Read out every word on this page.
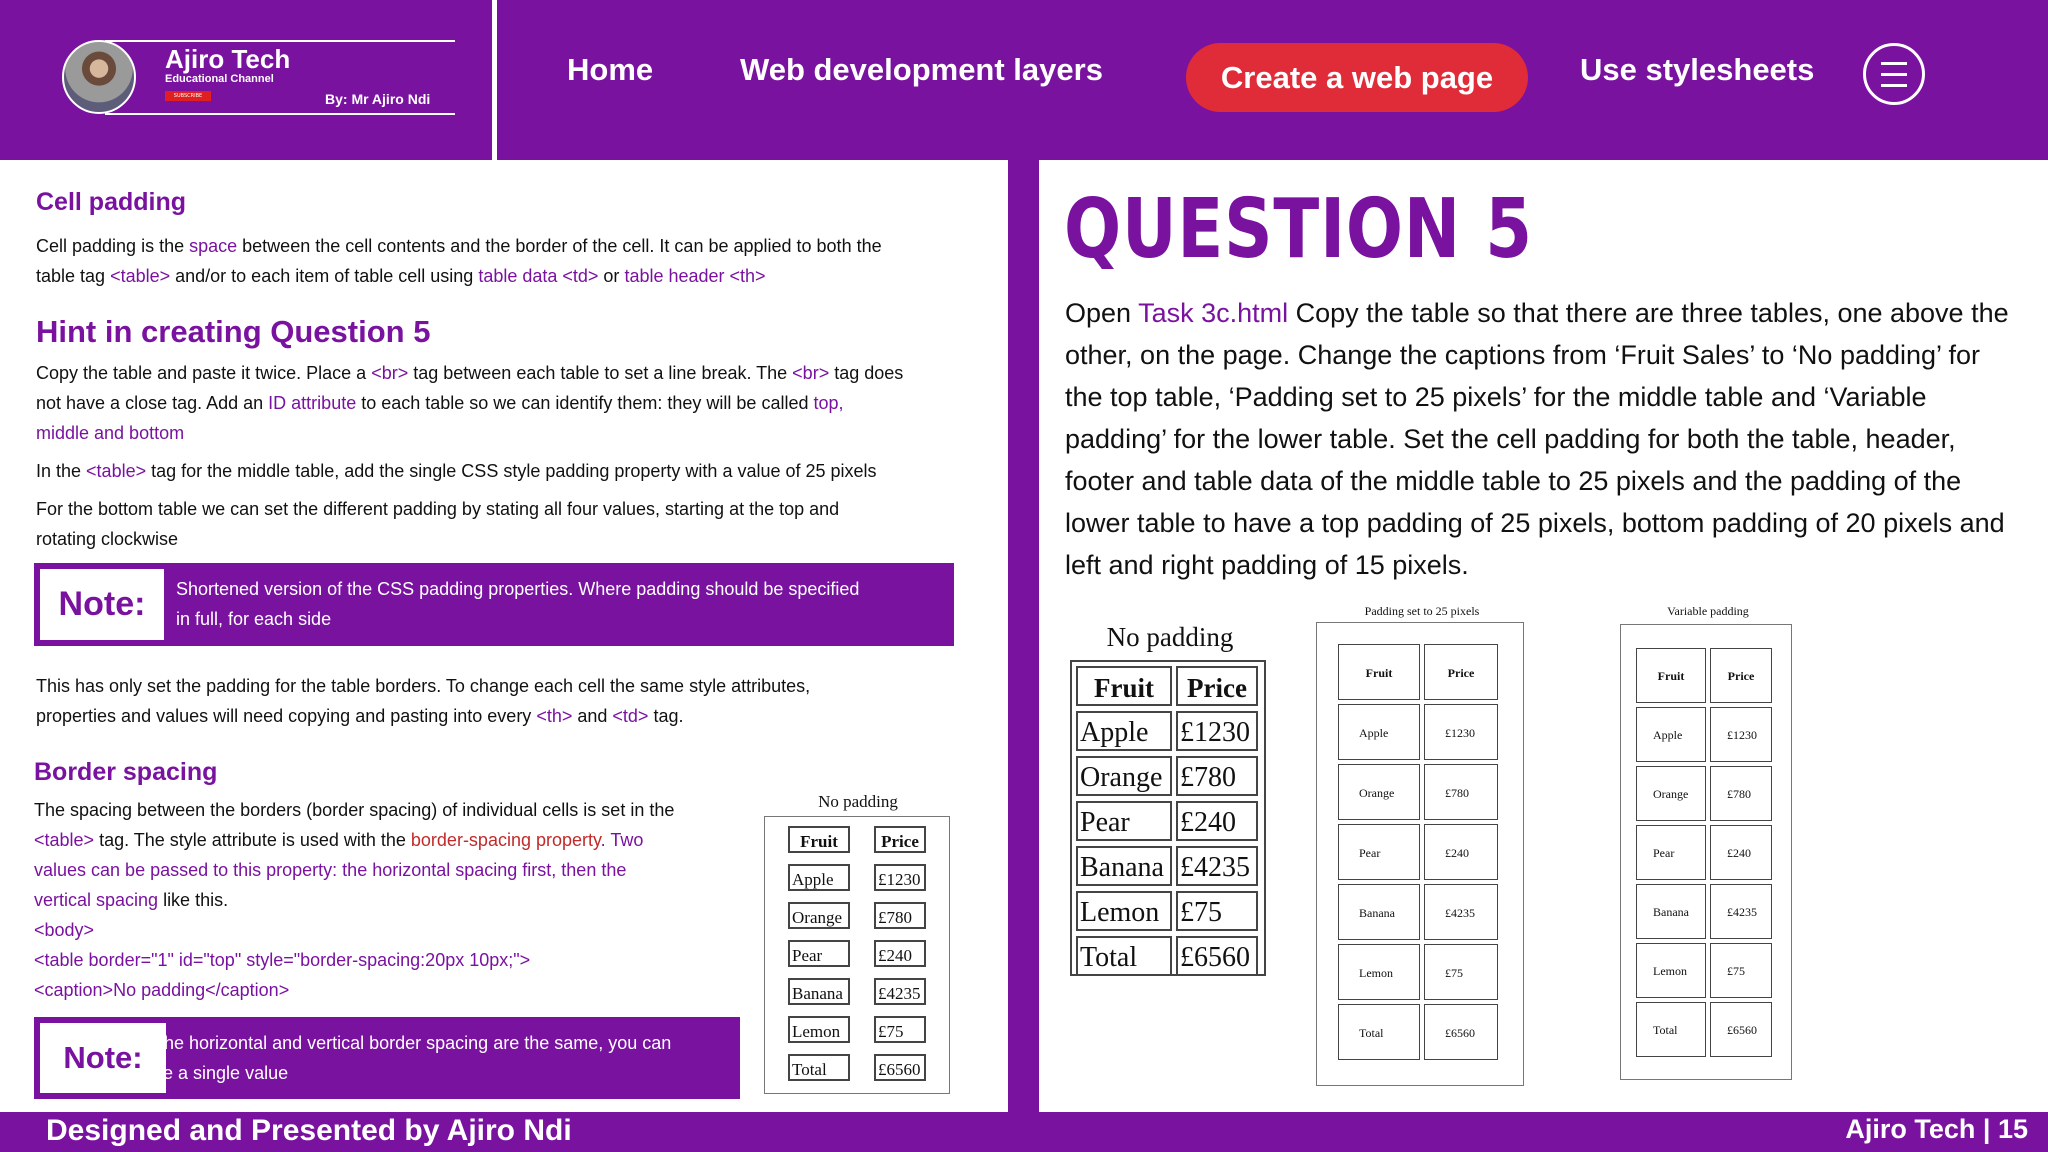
Ajiro Tech
Educational Channel
SUBSCRIBE	By: Mr Ajiro Ndi
Home	Web development layers	Create a web page	Use stylesheets
Cell padding
Cell padding is the space between the cell contents and the border of the cell. It can be applied to both the
table tag <table> and/or to each item of table cell using table data <td> or table header <th>
Hint in creating Question 5
Copy the table and paste it twice. Place a <br> tag between each table to set a line break. The <br> tag does
not have a close tag. Add an ID attribute to each table so we can identify them: they will be called top,
middle and bottom
In the <table> tag for the middle table, add the single CSS style padding property with a value of 25 pixels
For the bottom table we can set the different padding by stating all four values, starting at the top and
rotating clockwise
Note:	Shortened version of the CSS padding properties. Where padding should be specified
in full, for each side
This has only set the padding for the table borders. To change each cell the same style attributes,
properties and values will need copying and pasting into every <th> and <td> tag.
Border spacing
The spacing between the borders (border spacing) of individual cells is set in the
<table> tag. The style attribute is used with the border-spacing property. Two
values can be passed to this property: the horizontal spacing first, then the
vertical spacing like this.
<body>
<table border="1" id="top" style="border-spacing:20px 10px;">
<caption>No padding</caption>
Note: If the horizontal and vertical border spacing are the same, you can
use a single value
No padding
Fruit	Price
Apple	£1230
Orange	£780
Pear	£240
Banana	£4235
Lemon	£75
Total	£6560
QUESTION 5
Open Task 3c.html Copy the table so that there are three tables, one above the other, on the page. Change the captions from ‘Fruit Sales’ to ‘No padding’ for the top table, ‘Padding set to 25 pixels’ for the middle table and ‘Variable padding’ for the lower table. Set the cell padding for both the table, header, footer and table data of the middle table to 25 pixels and the padding of the lower table to have a top padding of 25 pixels, bottom padding of 20 pixels and left and right padding of 15 pixels.
No padding
Fruit	Price
Apple	£1230
Orange £780
Pear	£240
Banana £4235
Lemon £75
Total	£6560
Padding set to 25 pixels
Fruit	Price
Apple	£1230
Orange	£780
Pear	£240
Banana	£4235
Lemon	£75
Total	£6560
Variable padding
Fruit	Price
Apple	£1230
Orange	£780
Pear	£240
Banana	£4235
Lemon	£75
Total	£6560
Designed and Presented by Ajiro Ndi	Ajiro Tech | 15
